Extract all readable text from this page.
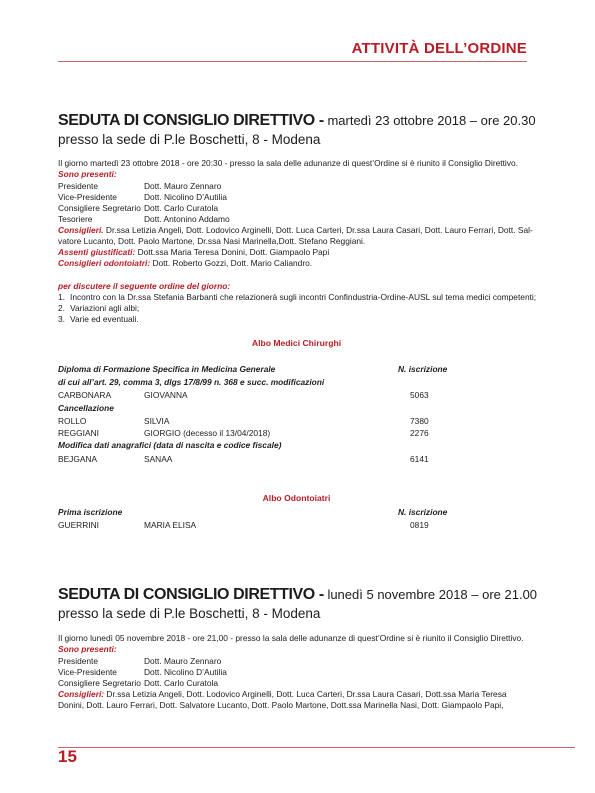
ATTIVITÀ DELL’ORDINE
SEDUTA DI CONSIGLIO DIRETTIVO - martedì 23 ottobre 2018 – ore 20.30
presso la sede di P.le Boschetti, 8 - Modena
Il giorno martedì 23 ottobre 2018 - ore 20:30 - presso la sala delle adunanze di quest’Ordine si è riunito il Consiglio Direttivo.
Sono presenti:
Presidente	Dott. Mauro Zennaro
Vice-Presidente	Dott. Nicolino D’Autilia
Consigliere Segretario Dott. Carlo Curatola
Tesoriere	Dott. Antonino Addamo
Consiglieri. Dr.ssa Letizia Angeli, Dott. Lodovico Arginelli, Dott. Luca Carteri, Dr.ssa Laura Casari, Dott. Lauro Ferrari, Dott. Sal-
vatore Lucanto, Dott. Paolo Martone, Dr.ssa Nasi Marinella,Dott. Stefano Reggiani.
Assenti giustificati: Dott.ssa Maria Teresa Donini, Dott. Giampaolo Papi
Consiglieri odontoiatri: Dott. Roberto Gozzi, Dott. Mario Caliandro.
per discutere il seguente ordine del giorno:
1. Incontro con la Dr.ssa Stefania Barbanti che relazionerà sugli incontri Confindustria-Ordine-AUSL sul tema medici competenti;
2. Variazioni agli albi;
3. Varie ed eventuali.
Albo Medici Chirurghi
Diploma di Formazione Specifica in Medicina Generale	N. iscrizione
di cui all’art. 29, comma 3, dlgs 17/8/99 n. 368 e succ. modificazioni
CARBONARA	GIOVANNA	5063
Cancellazione
ROLLO	SILVIA	7380
REGGIANI	GIORGIO (decesso il 13/04/2018)	2276
Modifica dati anagrafici (data di nascita e codice fiscale)
BEJGANA	SANAA	6141
Albo Odontoiatri
Prima iscrizione	N. iscrizione
GUERRINI	MARIA ELISA	0819
SEDUTA DI CONSIGLIO DIRETTIVO - lunedì 5 novembre 2018 – ore 21.00
presso la sede di P.le Boschetti, 8 - Modena
Il giorno lunedì 05 novembre 2018 - ore 21,00 - presso la sala delle adunanze di quest’Ordine si è riunito il Consiglio Direttivo.
Sono presenti:
Presidente	Dott. Mauro Zennaro
Vice-Presidente	Dott. Nicolino D’Autilia
Consigliere Segretario Dott. Carlo Curatola
Consiglieri: Dr.ssa Letizia Angeli, Dott. Lodovico Arginelli, Dott. Luca Carteri, Dr.ssa Laura Casari, Dott.ssa Maria Teresa
Donini, Dott. Lauro Ferrari, Dott. Salvatore Lucanto, Dott. Paolo Martone, Dott.ssa Marinella Nasi, Dott. Giampaolo Papi,
15
